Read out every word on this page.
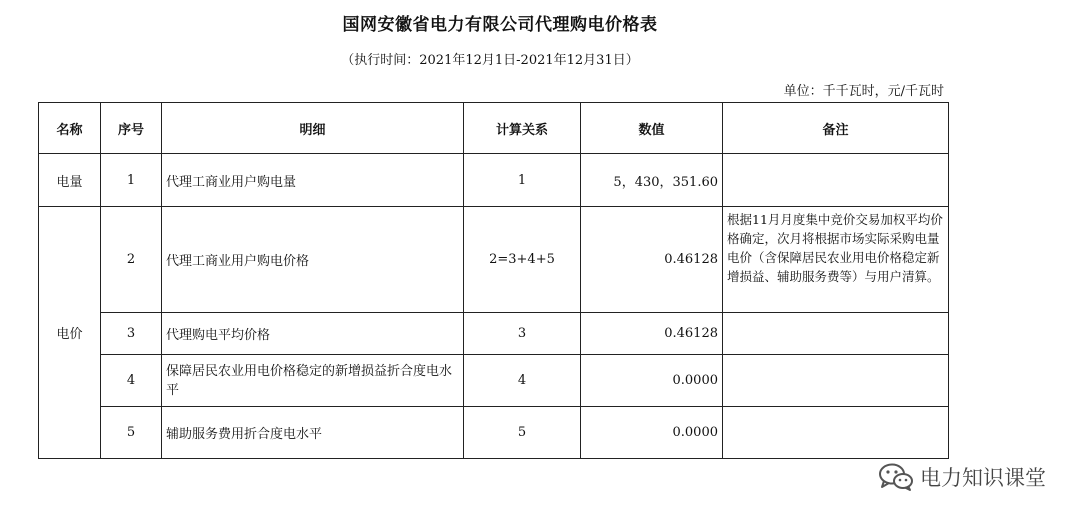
国网安徽省电力有限公司代理购电价格表
（执行时间：2021年12月1日-2021年12月31日）
单位：千千瓦时，元/千瓦时
名称	序号	明细	计算关系	数值	备注
电量	1	代理工商业用户购电量	1	5，430，351.60	
电价	2	代理工商业用户购电价格	2=3+4+5	0.46128	根据11月月度集中竞价交易加权平均价格确定，次月将根据市场实际采购电量电价（含保障居民农业用电价格稳定新增损益、辅助服务费等）与用户清算。
	3	代理购电平均价格	3	0.46128	
	4	保障居民农业用电价格稳定的新增损益折合度电水平	4	0.0000	
	5	辅助服务费用折合度电水平	5	0.0000	
电力知识课堂
